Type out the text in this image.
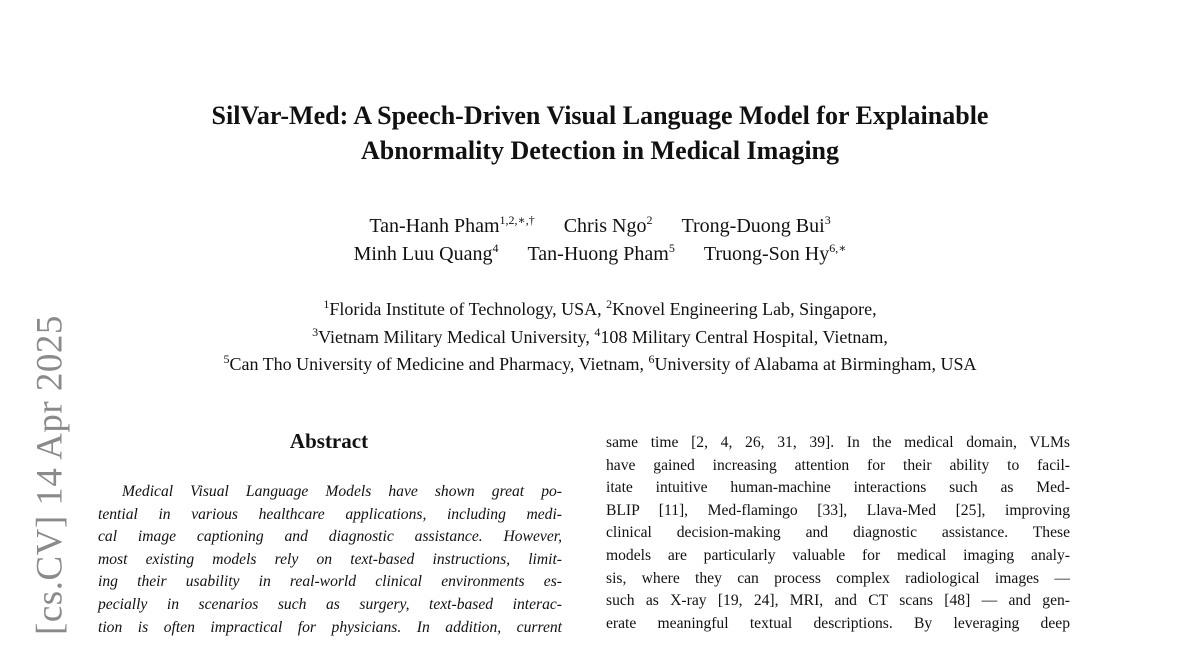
[cs.CV] 14 Apr 2025
SilVar-Med: A Speech-Driven Visual Language Model for Explainable
Abnormality Detection in Medical Imaging
Tan-Hanh Pham$^{1,2,∗,\dagger}$ Chris Ngo$^2$ Trong-Duong Bui$^3$
Minh Luu Quang$^4$ Tan-Huong Pham$^5$ Truong-Son $Hy^{6,∗}$
$^1$Florida Institute of Technology, USA, $^2$Knovel Engineering Lab, Singapore,
$^3$Vietnam Military Medical University, $^4$108 Military Central Hospital, Vietnam,
$^5$Can Tho University of Medicine and Pharmacy, Vietnam, $^6$University of Alabama at Birmingham, USA
Abstract
Medical Visual Language Models have shown great po-
tential in various healthcare applications, including medi-
cal image captioning and diagnostic assistance. However,
most existing models rely on text-based instructions, limit-
ing their usability in real-world clinical environments es-
pecially in scenarios such as surgery, text-based interac-
tion is often impractical for physicians. In addition, current
same time [2, 4, 26, 31, 39]. In the medical domain, VLMs
have gained increasing attention for their ability to facil-
itate intuitive human-machine interactions such as Med-
BLIP [11], Med-flamingo [33], Llava-Med [25], improving
clinical decision-making and diagnostic assistance. These
models are particularly valuable for medical imaging analy-
sis, where they can process complex radiological images —
such as X-ray [19, 24], MRI, and CT scans [48] — and gen-
erate meaningful textual descriptions. By leveraging deep
